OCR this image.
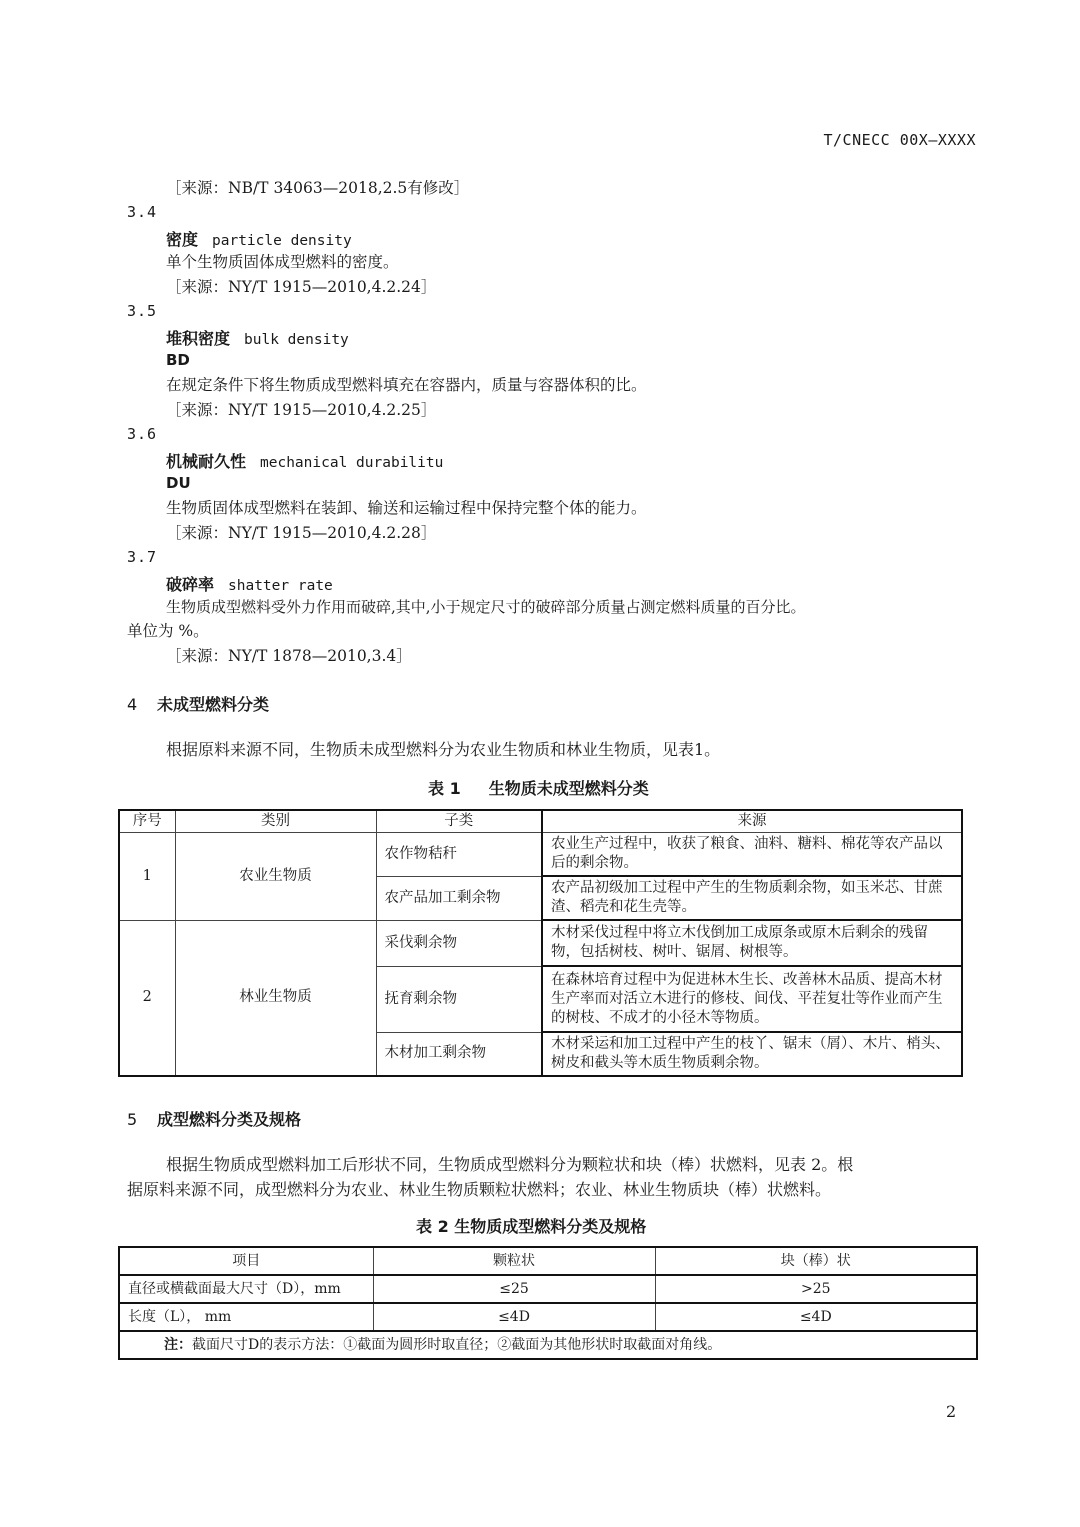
T/CNECC 00X—XXXX
［来源：NB/T 34063—2018,2.5有修改］
3.4
密度 particle density
单个生物质固体成型燃料的密度。
［来源：NY/T 1915—2010,4.2.24］
3.5
堆积密度 bulk density
BD
在规定条件下将生物质成型燃料填充在容器内，质量与容器体积的比。
［来源：NY/T 1915—2010,4.2.25］
3.6
机械耐久性 mechanical durabilitu
DU
生物质固体成型燃料在装卸、输送和运输过程中保持完整个体的能力。
［来源：NY/T 1915—2010,4.2.28］
3.7
破碎率 shatter rate
生物质成型燃料受外力作用而破碎,其中,小于规定尺寸的破碎部分质量占测定燃料质量的百分比。
单位为 %。
［来源：NY/T 1878—2010,3.4］
4 未成型燃料分类
根据原料来源不同，生物质未成型燃料分为农业生物质和林业生物质，见表1。
表 1 生物质未成型燃料分类
序号	类别	子类	来源
1	农业生物质	农作物秸秆	农业生产过程中，收获了粮食、油料、糖料、棉花等农产品以后的剩余物。
		农产品加工剩余物	农产品初级加工过程中产生的生物质剩余物，如玉米芯、甘蔗渣、稻壳和花生壳等。
2	林业生物质	采伐剩余物	木材采伐过程中将立木伐倒加工成原条或原木后剩余的残留物，包括树枝、树叶、锯屑、树根等。
		抚育剩余物	在森林培育过程中为促进林木生长、改善林木品质、提高木材生产率而对活立木进行的修枝、间伐、平茬复壮等作业而产生的树枝、不成才的小径木等物质。
		木材加工剩余物	木材采运和加工过程中产生的枝丫、锯末（屑）、木片、梢头、树皮和截头等木质生物质剩余物。
5 成型燃料分类及规格
根据生物质成型燃料加工后形状不同，生物质成型燃料分为颗粒状和块（棒）状燃料，见表 2。根
据原料来源不同，成型燃料分为农业、林业生物质颗粒状燃料；农业、林业生物质块（棒）状燃料。
表 2 生物质成型燃料分类及规格
项目	颗粒状	块（棒）状
直径或横截面最大尺寸（D），mm	≤25	>25
长度（L）， mm	≤4D	≤4D
注：截面尺寸D的表示方法：①截面为圆形时取直径；②截面为其他形状时取截面对角线。		
2
